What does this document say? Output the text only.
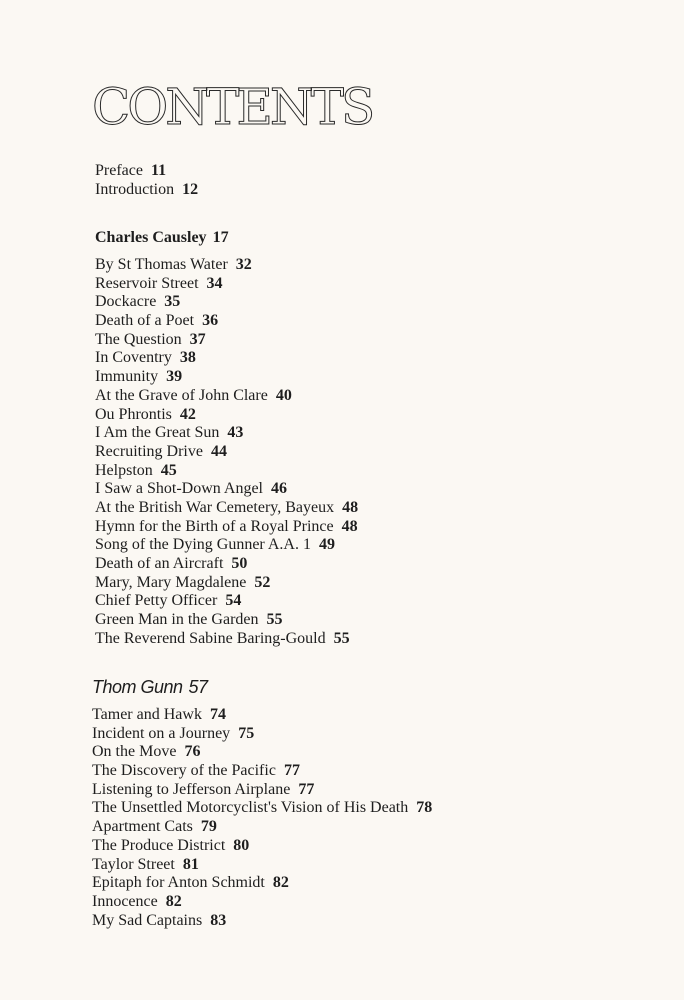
CONTENTS
Preface 11
Introduction 12
Charles Causley 17
By St Thomas Water 32
Reservoir Street 34
Dockacre 35
Death of a Poet 36
The Question 37
In Coventry 38
Immunity 39
At the Grave of John Clare 40
Ou Phrontis 42
I Am the Great Sun 43
Recruiting Drive 44
Helpston 45
I Saw a Shot-Down Angel 46
At the British War Cemetery, Bayeux 48
Hymn for the Birth of a Royal Prince 48
Song of the Dying Gunner A.A. 1 49
Death of an Aircraft 50
Mary, Mary Magdalene 52
Chief Petty Officer 54
Green Man in the Garden 55
The Reverend Sabine Baring-Gould 55
Thom Gunn 57
Tamer and Hawk 74
Incident on a Journey 75
On the Move 76
The Discovery of the Pacific 77
Listening to Jefferson Airplane 77
The Unsettled Motorcyclist's Vision of His Death 78
Apartment Cats 79
The Produce District 80
Taylor Street 81
Epitaph for Anton Schmidt 82
Innocence 82
My Sad Captains 83
